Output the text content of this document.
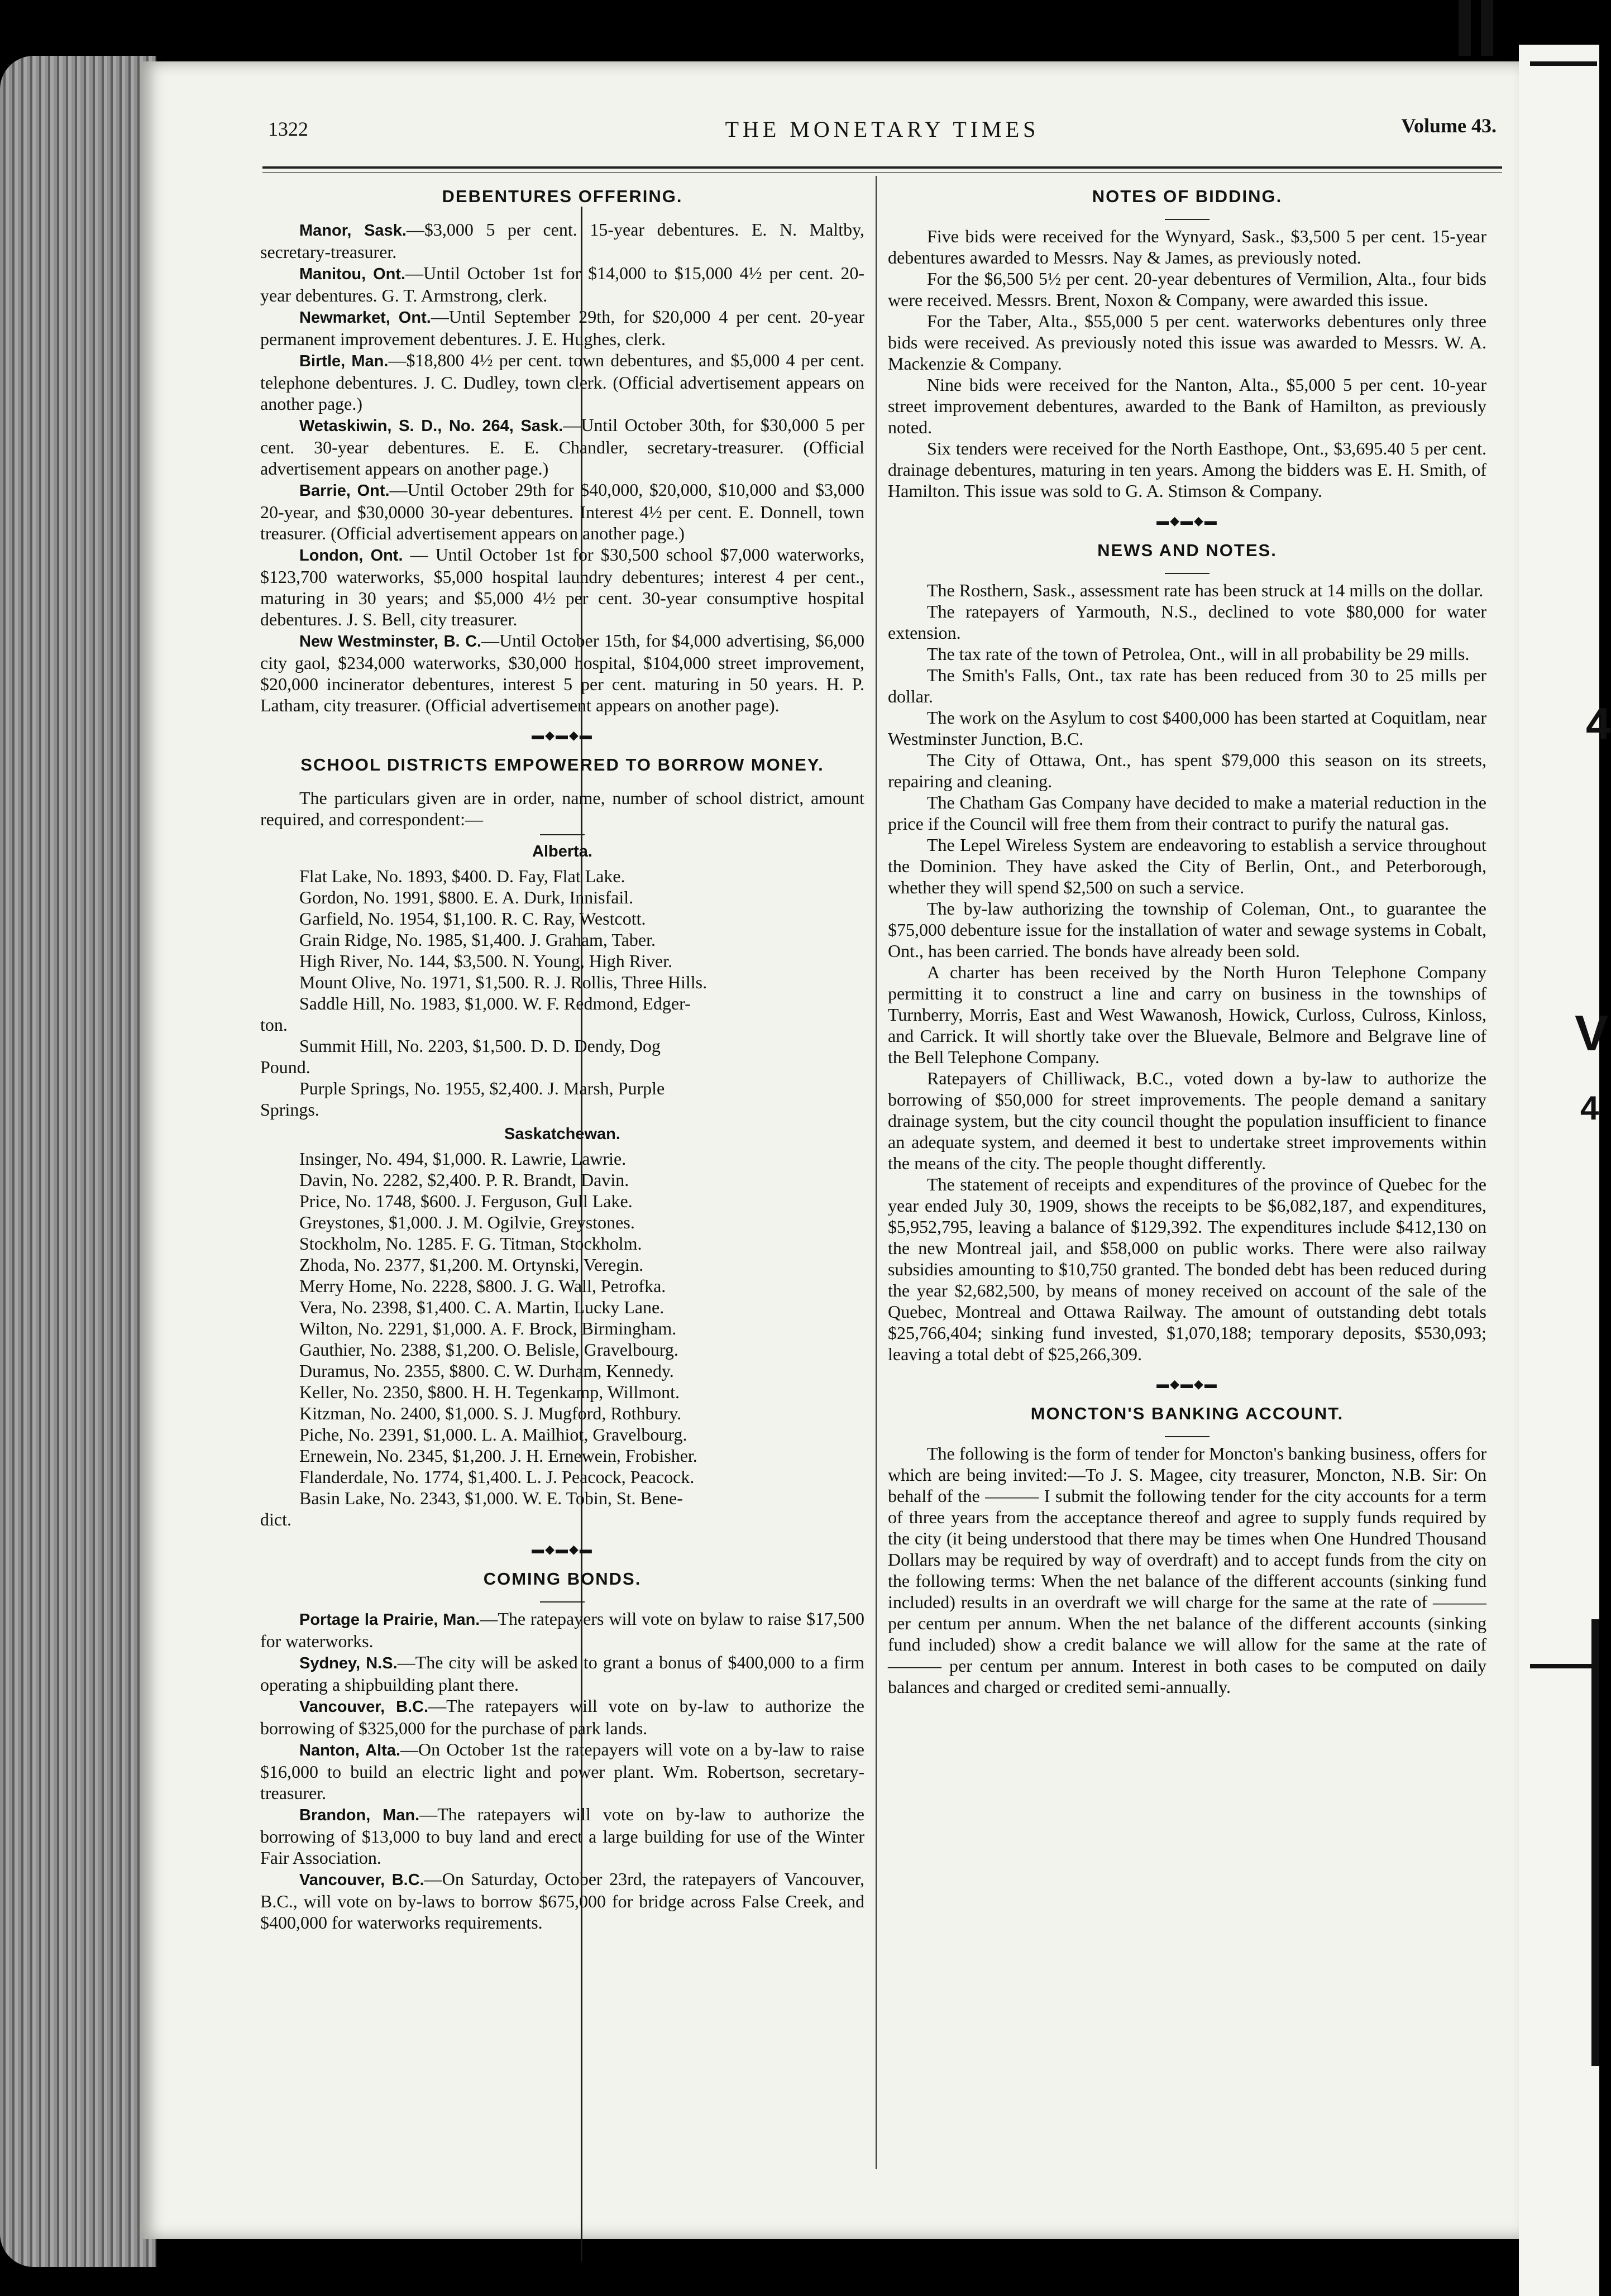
4
V
4
1322	THE MONETARY TIMES	Volume 43.
DEBENTURES OFFERING.

Manor, Sask.—$3,000 5 per cent. 15-year debentures. E. N. Maltby, secretary-treasurer.

Manitou, Ont.—Until October 1st for $14,000 to $15,000 4½ per cent. 20-year debentures. G. T. Armstrong, clerk.

Newmarket, Ont.—Until September 29th, for $20,000 4 per cent. 20-year permanent improvement debentures. J. E. Hughes, clerk.

Birtle, Man.—$18,800 4½ per cent. town debentures, and $5,000 4 per cent. telephone debentures. J. C. Dudley, town clerk. (Official advertisement appears on another page.)

Wetaskiwin, S. D., No. 264, Sask.—Until October 30th, for $30,000 5 per cent. 30-year debentures. E. E. Chandler, secretary-treasurer. (Official advertisement appears on another page.)

Barrie, Ont.—Until October 29th for $40,000, $20,000, $10,000 and $3,000 20-year, and $30,0000 30-year debentures. Interest 4½ per cent. E. Donnell, town treasurer. (Official advertisement appears on another page.)

London, Ont. — Until October 1st for $30,500 school $7,000 waterworks, $123,700 waterworks, $5,000 hospital laundry debentures; interest 4 per cent., maturing in 30 years; and $5,000 4½ per cent. 30-year consumptive hospital debentures. J. S. Bell, city treasurer.

New Westminster, B. C.—Until October 15th, for $4,000 advertising, $6,000 city gaol, $234,000 waterworks, $30,000 hospital, $104,000 street improvement, $20,000 incinerator debentures, interest 5 per cent. maturing in 50 years. H. P. Latham, city treasurer. (Official advertisement appears on another page).

▬◆▬◆▬
SCHOOL DISTRICTS EMPOWERED TO BORROW MONEY.

The particulars given are in order, name, number of school district, amount required, and correspondent:—

Alberta.

Flat Lake, No. 1893, $400. D. Fay, Flat Lake.

Gordon, No. 1991, $800. E. A. Durk, Innisfail.

Garfield, No. 1954, $1,100. R. C. Ray, Westcott.

Grain Ridge, No. 1985, $1,400. J. Graham, Taber.

High River, No. 144, $3,500. N. Young, High River.

Mount Olive, No. 1971, $1,500. R. J. Rollis, Three Hills.

Saddle Hill, No. 1983, $1,000. W. F. Redmond, Edger-

ton.

Summit Hill, No. 2203, $1,500. D. D. Dendy, Dog

Pound.

Purple Springs, No. 1955, $2,400. J. Marsh, Purple

Springs.

Saskatchewan.

Insinger, No. 494, $1,000. R. Lawrie, Lawrie.

Davin, No. 2282, $2,400. P. R. Brandt, Davin.

Price, No. 1748, $600. J. Ferguson, Gull Lake.

Greystones, $1,000. J. M. Ogilvie, Greystones.

Stockholm, No. 1285. F. G. Titman, Stockholm.

Zhoda, No. 2377, $1,200. M. Ortynski, Veregin.

Merry Home, No. 2228, $800. J. G. Wall, Petrofka.

Vera, No. 2398, $1,400. C. A. Martin, Lucky Lane.

Wilton, No. 2291, $1,000. A. F. Brock, Birmingham.

Gauthier, No. 2388, $1,200. O. Belisle, Gravelbourg.

Duramus, No. 2355, $800. C. W. Durham, Kennedy.

Keller, No. 2350, $800. H. H. Tegenkamp, Willmont.

Kitzman, No. 2400, $1,000. S. J. Mugford, Rothbury.

Piche, No. 2391, $1,000. L. A. Mailhiot, Gravelbourg.

Ernewein, No. 2345, $1,200. J. H. Ernewein, Frobisher.

Flanderdale, No. 1774, $1,400. L. J. Peacock, Peacock.

Basin Lake, No. 2343, $1,000. W. E. Tobin, St. Bene-

dict.

▬◆▬◆▬
COMING BONDS.

Portage la Prairie, Man.—The ratepayers will vote on bylaw to raise $17,500 for waterworks.

Sydney, N.S.—The city will be asked to grant a bonus of $400,000 to a firm operating a shipbuilding plant there.

Vancouver, B.C.—The ratepayers will vote on by-law to authorize the borrowing of $325,000 for the purchase of park lands.

Nanton, Alta.—On October 1st the ratepayers will vote on a by-law to raise $16,000 to build an electric light and power plant. Wm. Robertson, secretary-treasurer.

Brandon, Man.—The ratepayers will vote on by-law to authorize the borrowing of $13,000 to buy land and erect a large building for use of the Winter Fair Association.

Vancouver, B.C.—On Saturday, October 23rd, the ratepayers of Vancouver, B.C., will vote on by-laws to borrow $675,000 for bridge across False Creek, and $400,000 for waterworks requirements.

NOTES OF BIDDING.

Five bids were received for the Wynyard, Sask., $3,500 5 per cent. 15-year debentures awarded to Messrs. Nay & James, as previously noted.

For the $6,500 5½ per cent. 20-year debentures of Vermilion, Alta., four bids were received. Messrs. Brent, Noxon & Company, were awarded this issue.

For the Taber, Alta., $55,000 5 per cent. waterworks debentures only three bids were received. As previously noted this issue was awarded to Messrs. W. A. Mackenzie & Company.

Nine bids were received for the Nanton, Alta., $5,000 5 per cent. 10-year street improvement debentures, awarded to the Bank of Hamilton, as previously noted.

Six tenders were received for the North Easthope, Ont., $3,695.40 5 per cent. drainage debentures, maturing in ten years. Among the bidders was E. H. Smith, of Hamilton. This issue was sold to G. A. Stimson & Company.

▬◆▬◆▬
NEWS AND NOTES.

The Rosthern, Sask., assessment rate has been struck at 14 mills on the dollar.

The ratepayers of Yarmouth, N.S., declined to vote $80,000 for water extension.

The tax rate of the town of Petrolea, Ont., will in all probability be 29 mills.

The Smith's Falls, Ont., tax rate has been reduced from 30 to 25 mills per dollar.

The work on the Asylum to cost $400,000 has been started at Coquitlam, near Westminster Junction, B.C.

The City of Ottawa, Ont., has spent $79,000 this season on its streets, repairing and cleaning.

The Chatham Gas Company have decided to make a material reduction in the price if the Council will free them from their contract to purify the natural gas.

The Lepel Wireless System are endeavoring to establish a service throughout the Dominion. They have asked the City of Berlin, Ont., and Peterborough, whether they will spend $2,500 on such a service.

The by-law authorizing the township of Coleman, Ont., to guarantee the $75,000 debenture issue for the installation of water and sewage systems in Cobalt, Ont., has been carried. The bonds have already been sold.

A charter has been received by the North Huron Telephone Company permitting it to construct a line and carry on business in the townships of Turnberry, Morris, East and West Wawanosh, Howick, Curloss, Culross, Kinloss, and Carrick. It will shortly take over the Bluevale, Belmore and Belgrave line of the Bell Telephone Company.

Ratepayers of Chilliwack, B.C., voted down a by-law to authorize the borrowing of $50,000 for street improvements. The people demand a sanitary drainage system, but the city council thought the population insufficient to finance an adequate system, and deemed it best to undertake street improvements within the means of the city. The people thought differently.

The statement of receipts and expenditures of the province of Quebec for the year ended July 30, 1909, shows the receipts to be $6,082,187, and expenditures, $5,952,795, leaving a balance of $129,392. The expenditures include $412,130 on the new Montreal jail, and $58,000 on public works. There were also railway subsidies amounting to $10,750 granted. The bonded debt has been reduced during the year $2,682,500, by means of money received on account of the sale of the Quebec, Montreal and Ottawa Railway. The amount of outstanding debt totals $25,766,404; sinking fund invested, $1,070,188; temporary deposits, $530,093; leaving a total debt of $25,266,309.

▬◆▬◆▬
MONCTON'S BANKING ACCOUNT.

The following is the form of tender for Moncton's banking business, offers for which are being invited:—To J. S. Magee, city treasurer, Moncton, N.B. Sir: On behalf of the ——— I submit the following tender for the city accounts for a term of three years from the acceptance thereof and agree to supply funds required by the city (it being understood that there may be times when One Hundred Thousand Dollars may be required by way of overdraft) and to accept funds from the city on the following terms: When the net balance of the different accounts (sinking fund included) results in an overdraft we will charge for the same at the rate of ——— per centum per annum. When the net balance of the different accounts (sinking fund included) show a credit balance we will allow for the same at the rate of ——— per centum per annum. Interest in both cases to be computed on daily balances and charged or credited semi-annually.
